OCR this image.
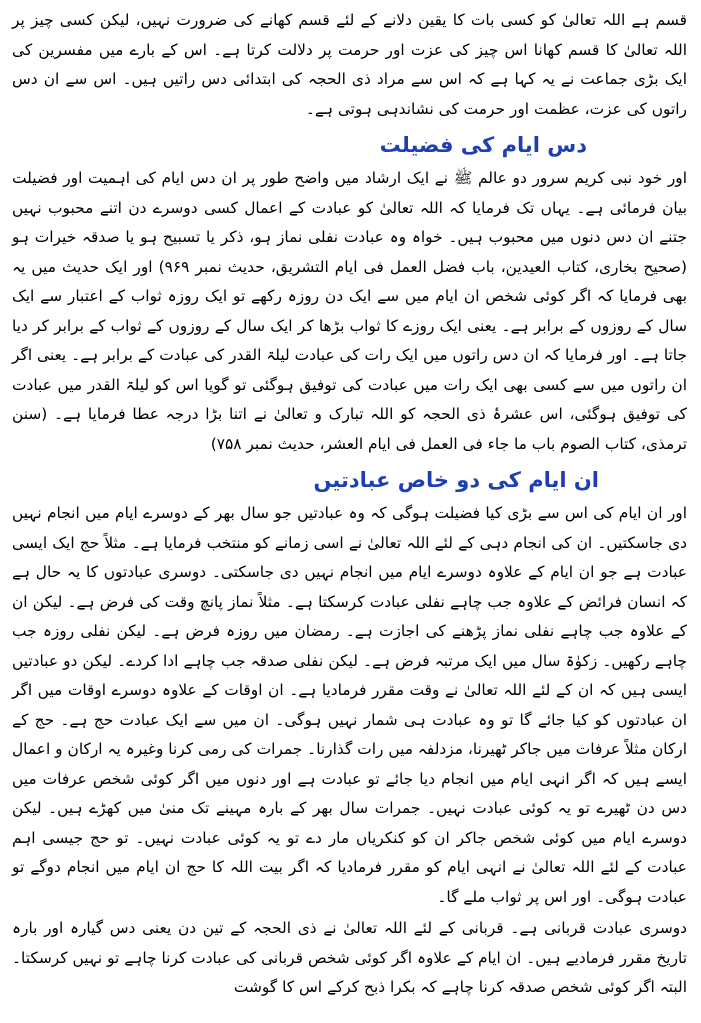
قسم ہے اللہ تعالیٰ کو کسی بات کا یقین دلانے کے لئے قسم کھانے کی ضرورت نہیں، لیکن کسی چیز پر اللہ تعالیٰ کا قسم کھانا اس چیز کی عزت اور حرمت پر دلالت کرتا ہے۔ اس کے بارے میں مفسرین کی ایک بڑی جماعت نے یہ کہا ہے کہ اس سے مراد ذی الحجہ کی ابتدائی دس راتیں ہیں۔ اس سے ان دس راتوں کی عزت، عظمت اور حرمت کی نشاندہی ہوتی ہے۔

دس ایام کی فضیلت

اور خود نبی کریم سرور دو عالم ﷺ نے ایک ارشاد میں واضح طور پر ان دس ایام کی اہمیت اور فضیلت بیان فرمائی ہے۔ یہاں تک فرمایا کہ اللہ تعالیٰ کو عبادت کے اعمال کسی دوسرے دن اتنے محبوب نہیں جتنے ان دس دنوں میں محبوب ہیں۔ خواہ وہ عبادت نفلی نماز ہو، ذکر یا تسبیح ہو یا صدقہ خیرات ہو (صحیح بخاری، کتاب العیدین، باب فضل العمل فی ایام التشریق، حدیث نمبر ۹۶۹) اور ایک حدیث میں یہ بھی فرمایا کہ اگر کوئی شخص ان ایام میں سے ایک دن روزہ رکھے تو ایک روزہ ثواب کے اعتبار سے ایک سال کے روزوں کے برابر ہے۔ یعنی ایک روزے کا ثواب بڑھا کر ایک سال کے روزوں کے ثواب کے برابر کر دیا جاتا ہے۔ اور فرمایا کہ ان دس راتوں میں ایک رات کی عبادت لیلۃ القدر کی عبادت کے برابر ہے۔ یعنی اگر ان راتوں میں سے کسی بھی ایک رات میں عبادت کی توفیق ہوگئی تو گویا اس کو لیلۃ القدر میں عبادت کی توفیق ہوگئی، اس عشرۂ ذی الحجہ کو اللہ تبارک و تعالیٰ نے اتنا بڑا درجہ عطا فرمایا ہے۔ (سنن ترمذی، کتاب الصوم باب ما جاء فی العمل فی ایام العشر، حدیث نمبر ۷۵۸)

ان ایام کی دو خاص عبادتیں

اور ان ایام کی اس سے بڑی کیا فضیلت ہوگی کہ وہ عبادتیں جو سال بھر کے دوسرے ایام میں انجام نہیں دی جاسکتیں۔ ان کی انجام دہی کے لئے اللہ تعالیٰ نے اسی زمانے کو منتخب فرمایا ہے۔ مثلاً حج ایک ایسی عبادت ہے جو ان ایام کے علاوہ دوسرے ایام میں انجام نہیں دی جاسکتی۔ دوسری عبادتوں کا یہ حال ہے کہ انسان فرائض کے علاوہ جب چاہے نفلی عبادت کرسکتا ہے۔ مثلاً نماز پانچ وقت کی فرض ہے۔ لیکن ان کے علاوہ جب چاہے نفلی نماز پڑھنے کی اجازت ہے۔ رمضان میں روزہ فرض ہے۔ لیکن نفلی روزہ جب چاہے رکھیں۔ زکوٰۃ سال میں ایک مرتبہ فرض ہے۔ لیکن نفلی صدقہ جب چاہے ادا کردے۔ لیکن دو عبادتیں ایسی ہیں کہ ان کے لئے اللہ تعالیٰ نے وقت مقرر فرمادیا ہے۔ ان اوقات کے علاوہ دوسرے اوقات میں اگر ان عبادتوں کو کیا جائے گا تو وہ عبادت ہی شمار نہیں ہوگی۔ ان میں سے ایک عبادت حج ہے۔ حج کے ارکان مثلاً عرفات میں جاکر ٹھیرنا، مزدلفہ میں رات گذارنا۔ جمرات کی رمی کرنا وغیرہ یہ ارکان و اعمال ایسے ہیں کہ اگر انہی ایام میں انجام دیا جائے تو عبادت ہے اور دنوں میں اگر کوئی شخص عرفات میں دس دن ٹھیرے تو یہ کوئی عبادت نہیں۔ جمرات سال بھر کے بارہ مہینے تک منیٰ میں کھڑے ہیں۔ لیکن دوسرے ایام میں کوئی شخص جاکر ان کو کنکریاں مار دے تو یہ کوئی عبادت نہیں۔ تو حج جیسی اہم عبادت کے لئے اللہ تعالیٰ نے انہی ایام کو مقرر فرمادیا کہ اگر بیت اللہ کا حج ان ایام میں انجام دوگے تو عبادت ہوگی۔ اور اس پر ثواب ملے گا۔

دوسری عبادت قربانی ہے۔ قربانی کے لئے اللہ تعالیٰ نے ذی الحجہ کے تین دن یعنی دس گیارہ اور بارہ تاریخ مقرر فرمادیے ہیں۔ ان ایام کے علاوہ اگر کوئی شخص قربانی کی عبادت کرنا چاہے تو نہیں کرسکتا۔ البتہ اگر کوئی شخص صدقہ کرنا چاہے کہ بکرا ذبح کرکے اس کا گوشت
